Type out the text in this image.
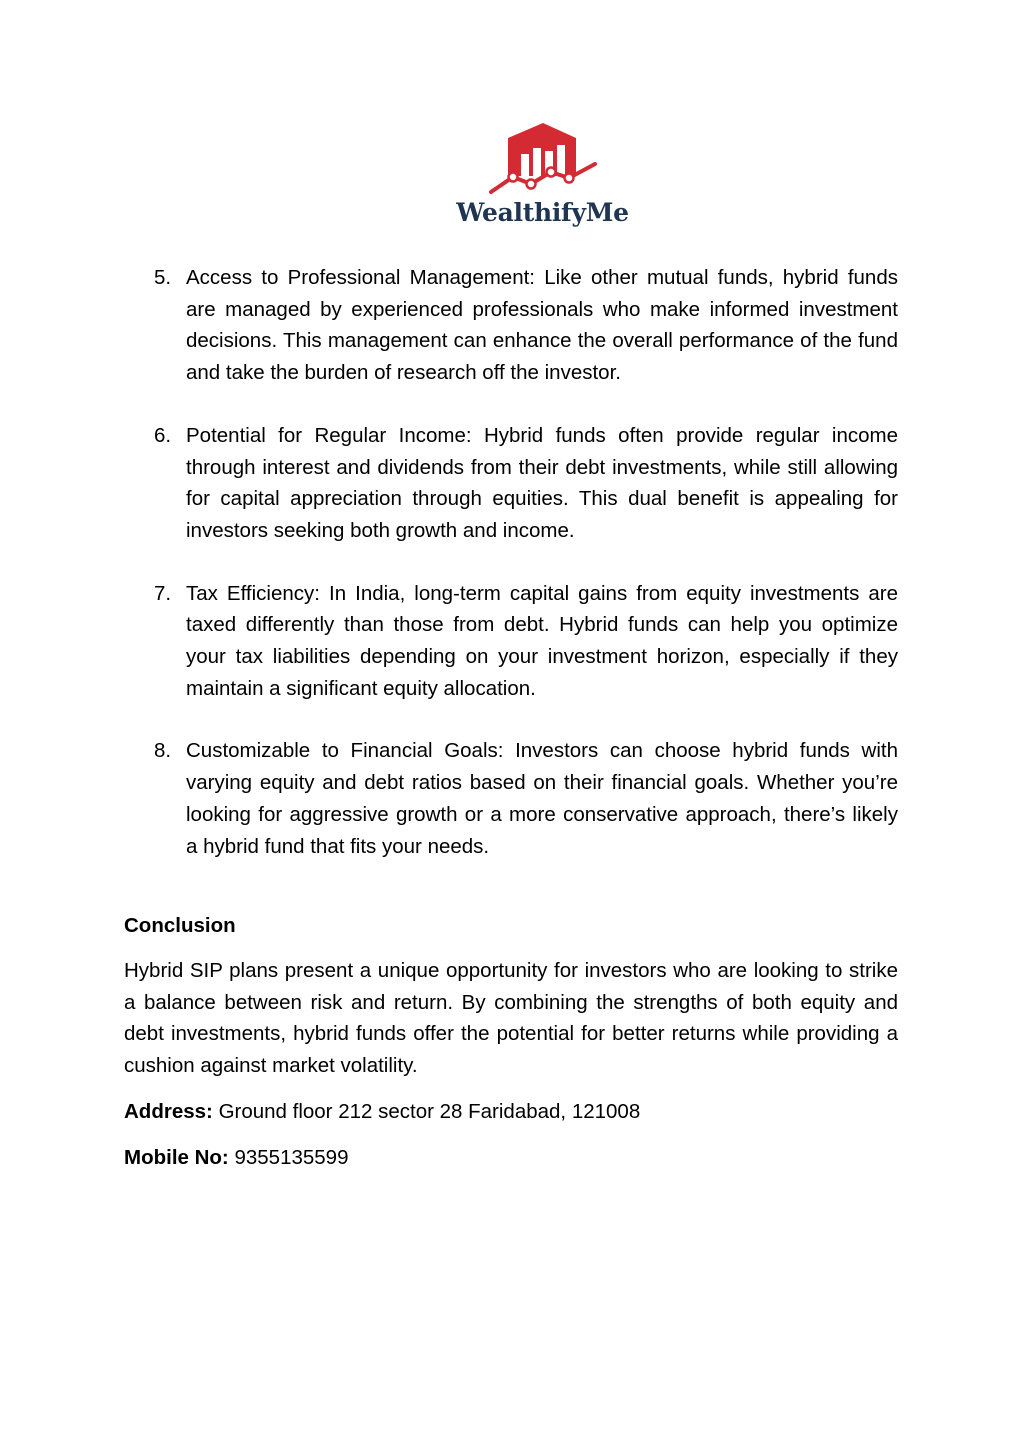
WealthifyMe
5. Access to Professional Management: Like other mutual funds, hybrid funds are managed by experienced professionals who make informed investment decisions. This management can enhance the overall performance of the fund and take the burden of research off the investor.
6. Potential for Regular Income: Hybrid funds often provide regular income through interest and dividends from their debt investments, while still allowing for capital appreciation through equities. This dual benefit is appealing for investors seeking both growth and income.
7. Tax Efficiency: In India, long-term capital gains from equity investments are taxed differently than those from debt. Hybrid funds can help you optimize your tax liabilities depending on your investment horizon, especially if they maintain a significant equity allocation.
8. Customizable to Financial Goals: Investors can choose hybrid funds with varying equity and debt ratios based on their financial goals. Whether you’re looking for aggressive growth or a more conservative approach, there’s likely a hybrid fund that fits your needs.
Conclusion

Hybrid SIP plans present a unique opportunity for investors who are looking to strike a balance between risk and return. By combining the strengths of both equity and debt investments, hybrid funds offer the potential for better returns while providing a cushion against market volatility.

Address: Ground floor 212 sector 28 Faridabad, 121008

Mobile No: 9355135599
